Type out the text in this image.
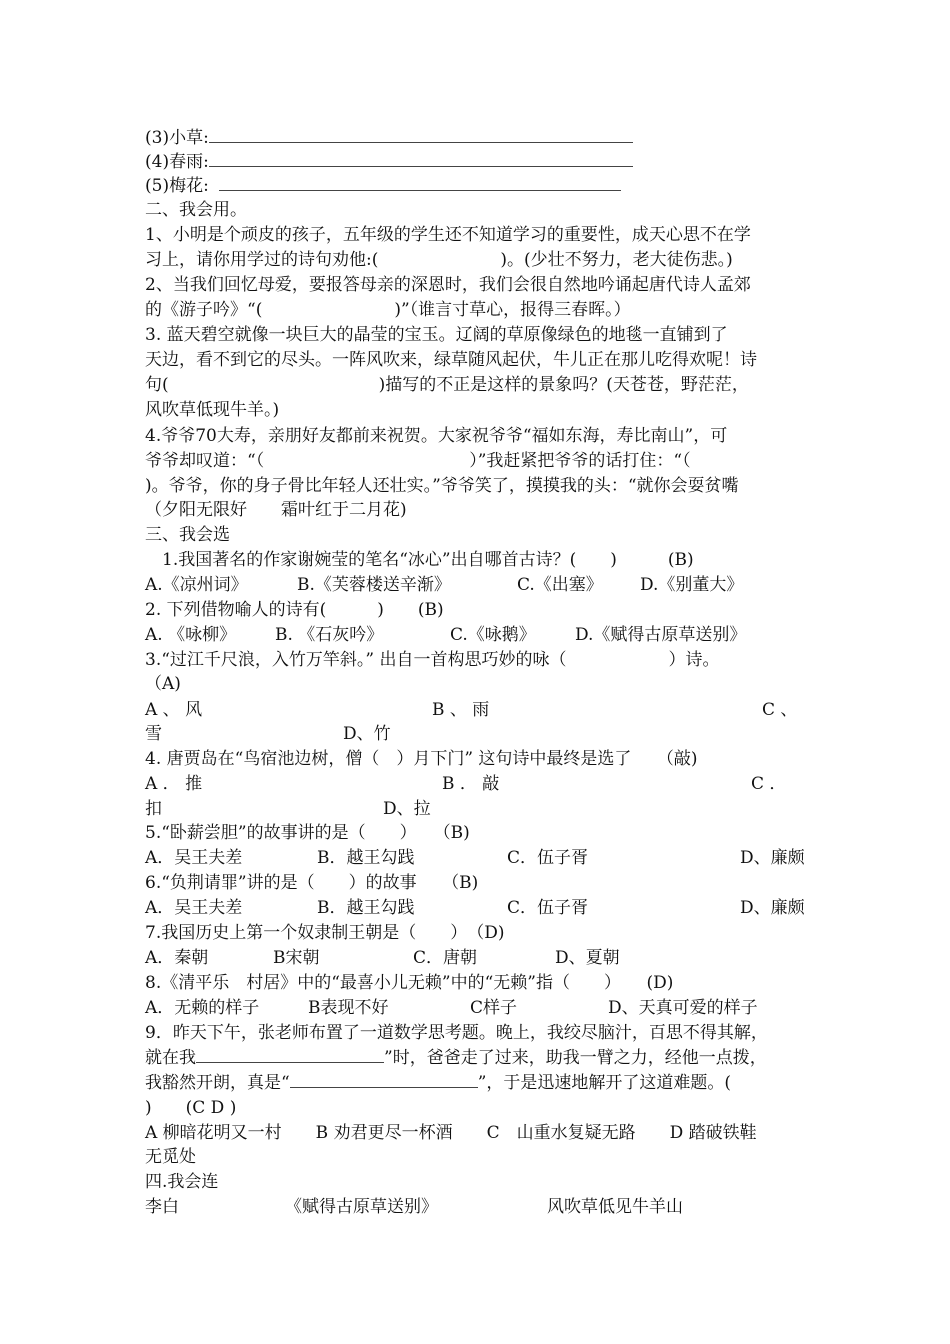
(3)小草:
(4)春雨:
(5)梅花:
二、我会用。
1、小明是个顽皮的孩子，五年级的学生还不知道学习的重要性，成天心思不在学
习上，请你用学过的诗句劝他:(	)。(少壮不努力，老大徒伤悲。)
2、当我们回忆母爱，要报答母亲的深恩时，我们会很自然地吟诵起唐代诗人孟郊
的《游子吟》“(	)”（谁言寸草心，报得三春晖。）
3. 蓝天碧空就像一块巨大的晶莹的宝玉。辽阔的草原像绿色的地毯一直铺到了
天边，看不到它的尽头。一阵风吹来，绿草随风起伏，牛儿正在那儿吃得欢呢！诗
句(	)描写的不正是这样的景象吗？(天苍苍，野茫茫，
风吹草低现牛羊。)
4.爷爷70大寿，亲朋好友都前来祝贺。大家祝爷爷“福如东海，寿比南山”，可
爷爷却叹道：“（	）”我赶紧把爷爷的话打住：“（
)。爷爷，你的身子骨比年轻人还壮实。”爷爷笑了，摸摸我的头：“就你会耍贫嘴
（夕阳无限好　　霜叶红于二月花)
三、我会选
　1.我国著名的作家谢婉莹的笔名“冰心”出自哪首古诗？(　　)　　　(B)
A.《凉州词》	B.《芙蓉楼送辛渐》	C.《出塞》 D.《别董大》
2. 下列借物喻人的诗有(　　　)　　(B)
A. 《咏柳》 B. 《石灰吟》	C.《咏鹅》 D.《赋得古原草送别》
3.“过江千尺浪，入竹万竿斜。” 出自一首构思巧妙的咏（　　　　　　）诗。
（A)
A 、 风	B 、 雨	C 、
雪	D、竹
4. 唐贾岛在“鸟宿池边树，僧（　）月下门” 这句诗中最终是选了　　（敲)
A ． 推	B ． 敲	C ．
扣	D、拉
5.“卧薪尝胆”的故事讲的是（　　）　　（B)
A．吴王夫差	B．越王勾践	C．伍子胥	D、廉颇
6.“负荆请罪”讲的是（　　）的故事　　（B)
A．吴王夫差	B．越王勾践	C．伍子胥	D、廉颇
7.我国历史上第一个奴隶制王朝是（　　）　（D)
A．秦朝	B宋朝	C．唐朝	D、夏朝
8.《清平乐　村居》中的“最喜小儿无赖”中的“无赖”指（　　）　　(D)
A．无赖的样子	B表现不好	C样子	D、天真可爱的样子
9．昨天下午，张老师布置了一道数学思考题。晚上，我绞尽脑汁，百思不得其解，
就在我	”时，爸爸走了过来，助我一臂之力，经他一点拨，
我豁然开朗，真是“	”，于是迅速地解开了这道难题。(
)　　(C D )
A 柳暗花明又一村　　B 劝君更尽一杯酒　　C　山重水复疑无路　　D 踏破铁鞋
无觅处
四.我会连
李白	《赋得古原草送别》	风吹草低见牛羊山
